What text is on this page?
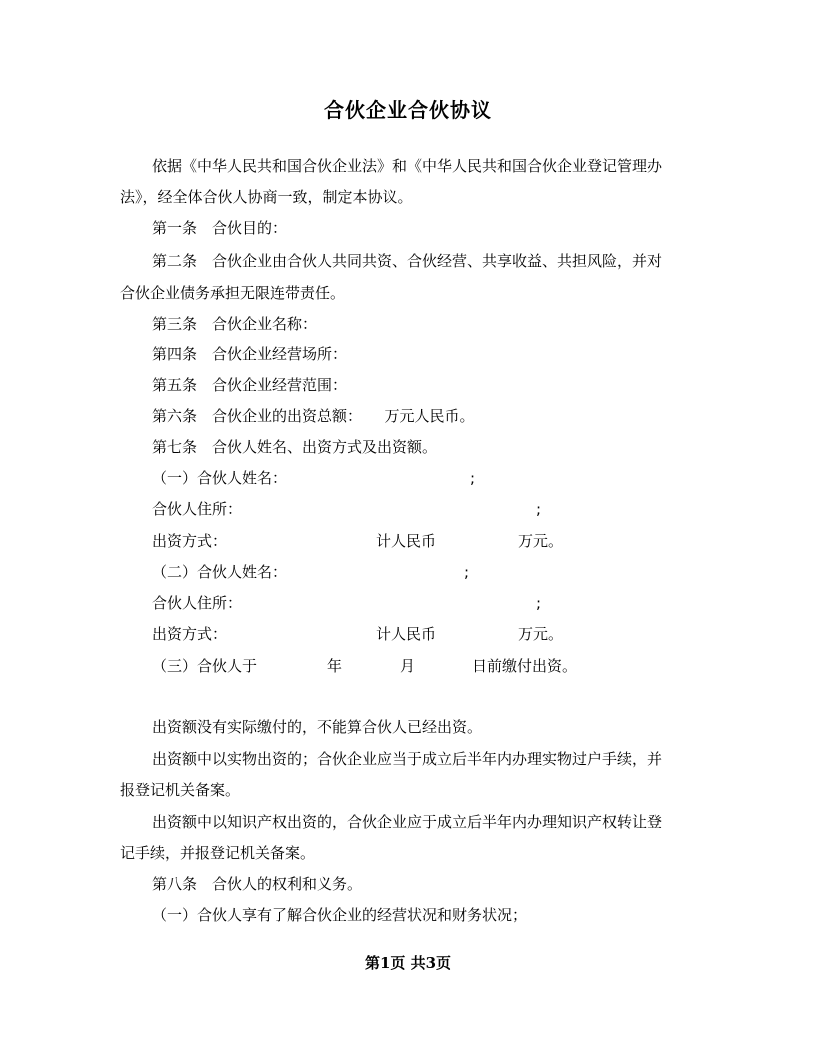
合伙企业合伙协议
依据《中华人民共和国合伙企业法》和《中华人民共和国合伙企业登记管理办
法》，经全体合伙人协商一致，制定本协议。
第一条　合伙目的：
第二条　合伙企业由合伙人共同共资、合伙经营、共享收益、共担风险，并对
合伙企业债务承担无限连带责任。
第三条　合伙企业名称：
第四条　合伙企业经营场所：
第五条　合伙企业经营范围：
第六条　合伙企业的出资总额：　　万元人民币。
第七条　合伙人姓名、出资方式及出资额。
（一）合伙人姓名：	;
合伙人住所：	;
出资方式：	计人民币	万元。
（二）合伙人姓名：	;
合伙人住所：	;
出资方式：	计人民币	万元。
（三）合伙人于	年	月	日前缴付出资。
出资额没有实际缴付的，不能算合伙人已经出资。
出资额中以实物出资的；合伙企业应当于成立后半年内办理实物过户手续，并
报登记机关备案。
出资额中以知识产权出资的，合伙企业应于成立后半年内办理知识产权转让登
记手续，并报登记机关备案。
第八条　合伙人的权利和义务。
（一）合伙人享有了解合伙企业的经营状况和财务状况；
第1页 共3页
